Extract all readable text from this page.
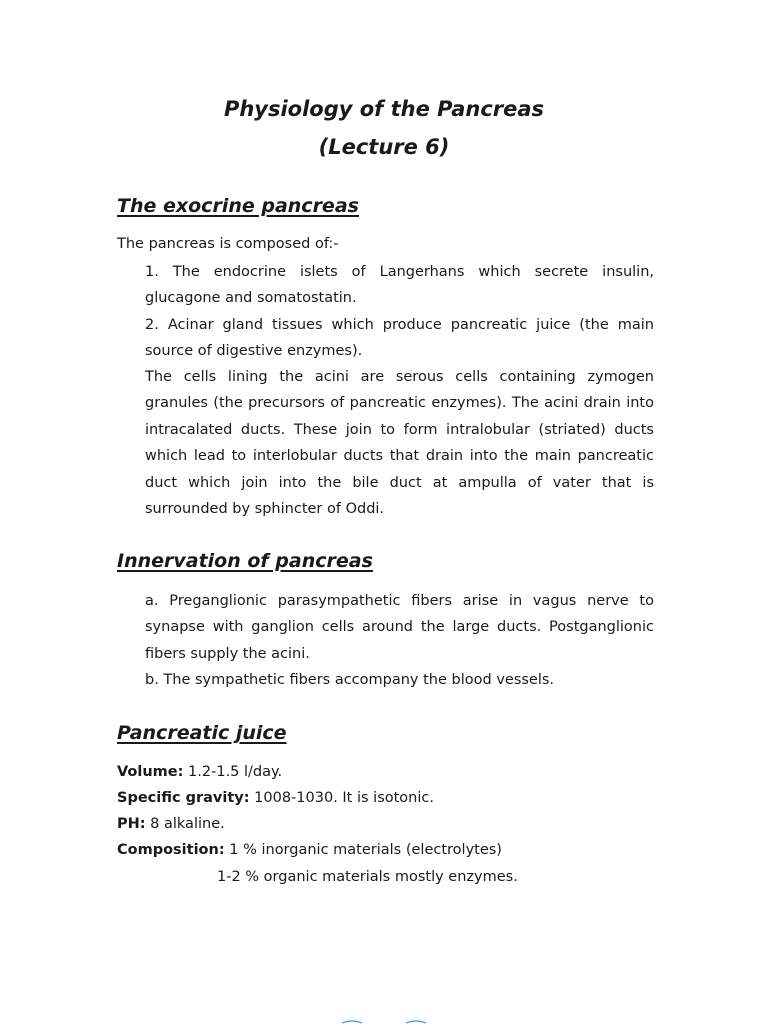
Physiology of the Pancreas
(Lecture 6)
The exocrine pancreas
The pancreas is composed of:-
1. The endocrine islets of Langerhans which secrete insulin,
glucagone and somatostatin.
2. Acinar gland tissues which produce pancreatic juice (the main
source of digestive enzymes).
The cells lining the acini are serous cells containing zymogen
granules (the precursors of pancreatic enzymes). The acini drain into
intracalated ducts. These join to form intralobular (striated) ducts
which lead to interlobular ducts that drain into the main pancreatic
duct which join into the bile duct at ampulla of vater that is
surrounded by sphincter of Oddi.
Innervation of pancreas
a. Preganglionic parasympathetic fibers arise in vagus nerve to
synapse with ganglion cells around the large ducts. Postganglionic
fibers supply the acini.
b. The sympathetic fibers accompany the blood vessels.
Pancreatic juice
Volume: 1.2-1.5 l/day.
Specific gravity: 1008-1030. It is isotonic.
PH: 8 alkaline.
Composition: 1 % inorganic materials (electrolytes)
1-2 % organic materials mostly enzymes.
